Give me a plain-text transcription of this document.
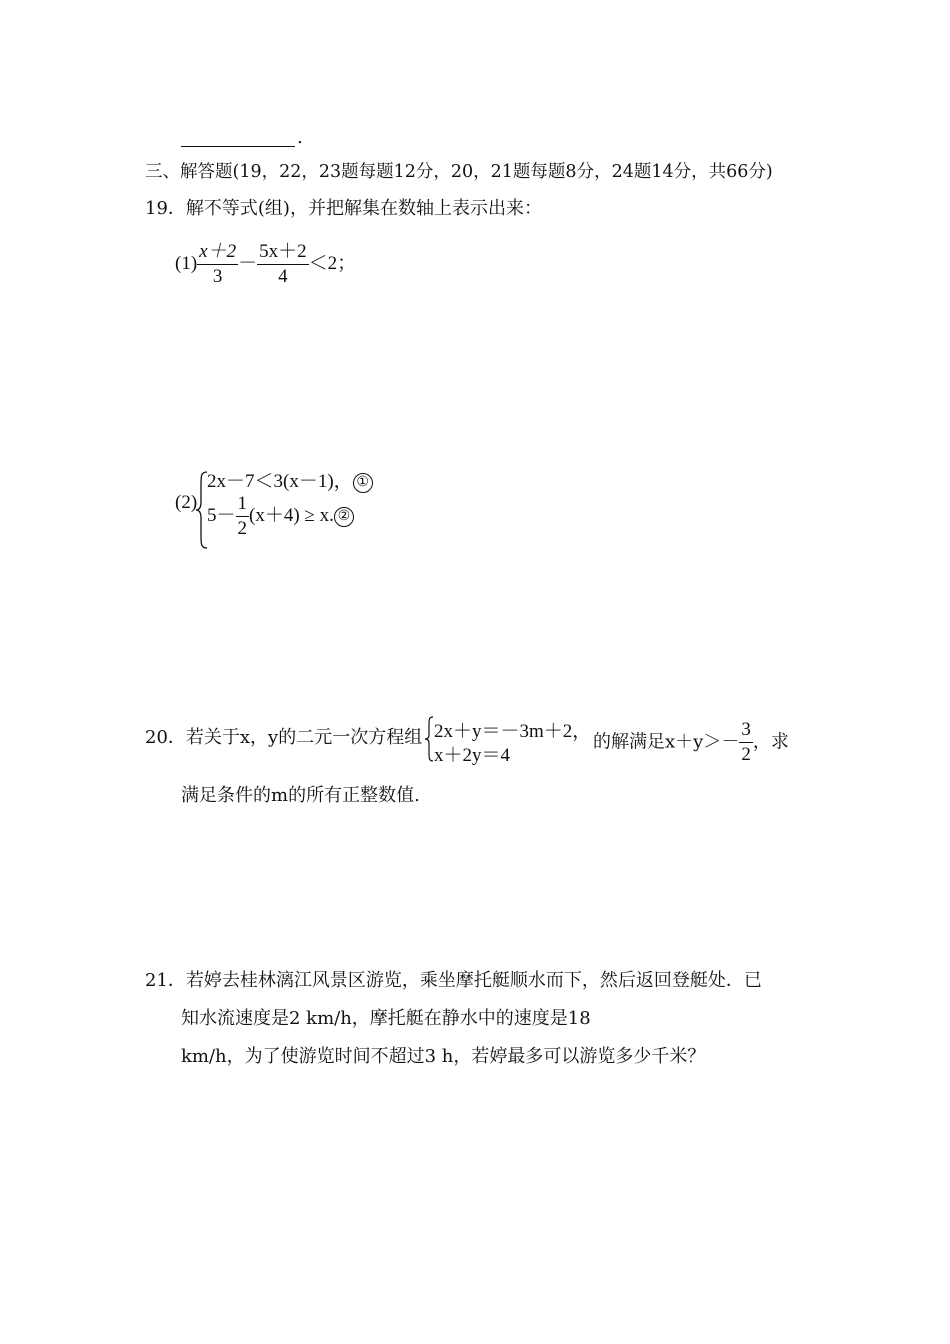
.
三、解答题(19，22，23题每题12分，20，21题每题8分，24题14分，共66分)
19．解不等式(组)，并把解集在数轴上表示出来：
$(1) \frac{x+2}{3} - \frac{5x+2}{4} <2$；
(2)
2x－7＜3(x－1)， ①
$5- \frac{1}{2} (x+4) \ge x$. ②
20．若关于x，y的二元一次方程组 2x＋y＝－3m＋2，
x＋2y＝4
的解满足$x+y>- \frac{3}{2}$ ，求
满足条件的m的所有正整数值.
21．若婷去桂林漓江风景区游览，乘坐摩托艇顺水而下，然后返回登艇处．已
知水流速度是2 km/h，摩托艇在静水中的速度是18
km/h，为了使游览时间不超过3 h，若婷最多可以游览多少千米？
